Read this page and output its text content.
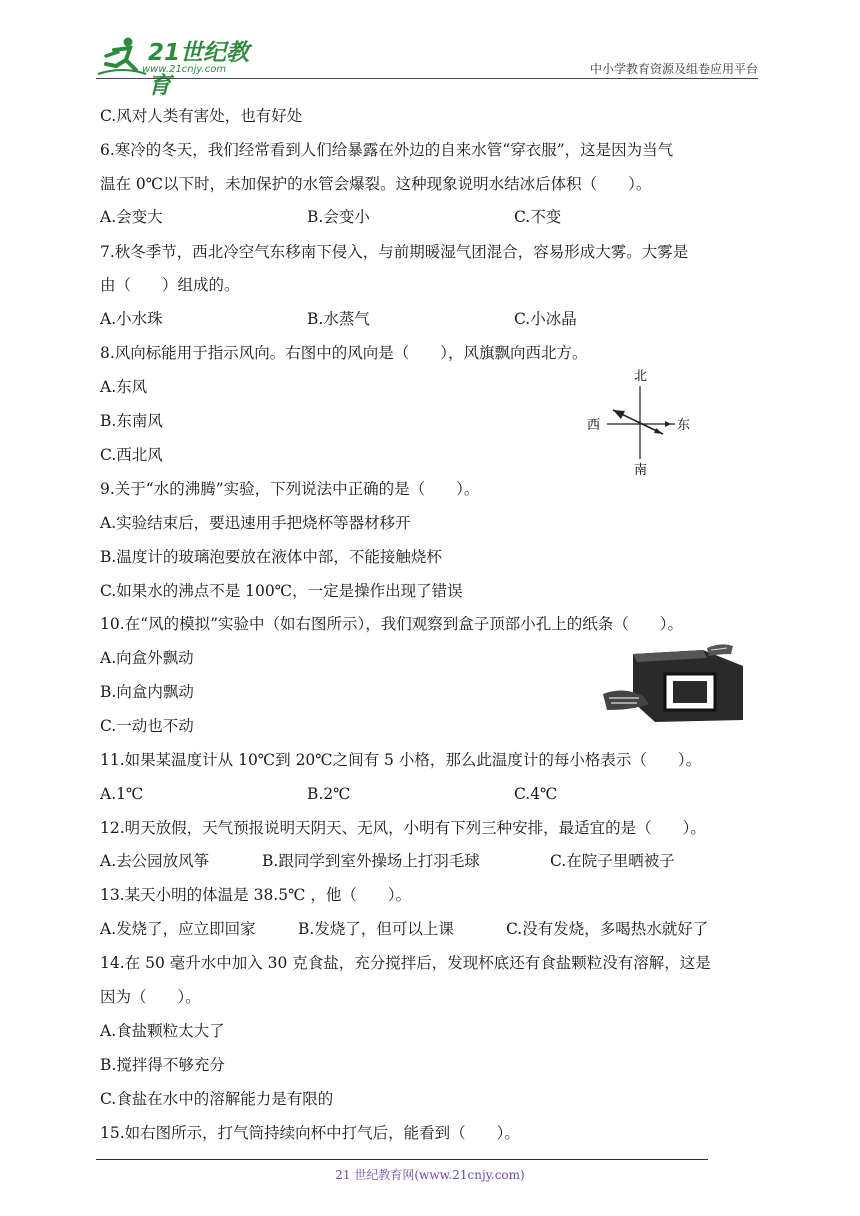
21世纪教育
www.21cnjy.com	中小学教育资源及组卷应用平台
C.风对人类有害处，也有好处
6.寒冷的冬天，我们经常看到人们给暴露在外边的自来水管“穿衣服”，这是因为当气
温在 0℃以下时，未加保护的水管会爆裂。这种现象说明水结冰后体积（　　）。
A.会变大	B.会变小	C.不变
7.秋冬季节，西北冷空气东移南下侵入，与前期暖湿气团混合，容易形成大雾。大雾是
由（　　）组成的。
A.小水珠	B.水蒸气	C.小冰晶
8.风向标能用于指示风向。右图中的风向是（　　），风旗飘向西北方。
A.东风
B.东南风
C.西北风
北
南
西	东
9.关于“水的沸腾”实验，下列说法中正确的是（　　）。
A.实验结束后，要迅速用手把烧杯等器材移开
B.温度计的玻璃泡要放在液体中部，不能接触烧杯
C.如果水的沸点不是 100℃，一定是操作出现了错误
10.在“风的模拟”实验中（如右图所示），我们观察到盒子顶部小孔上的纸条（　　）。
A.向盒外飘动
B.向盒内飘动
C.一动也不动
11.如果某温度计从 10℃到 20℃之间有 5 小格，那么此温度计的每小格表示（　　）。
A.1℃	B.2℃	C.4℃
12.明天放假，天气预报说明天阴天、无风，小明有下列三种安排，最适宜的是（　　）。
A.去公园放风筝	B.跟同学到室外操场上打羽毛球	C.在院子里晒被子
13.某天小明的体温是 38.5℃ ，他（　　）。
A.发烧了，应立即回家	B.发烧了，但可以上课	C.没有发烧，多喝热水就好了
14.在 50 毫升水中加入 30 克食盐，充分搅拌后，发现杯底还有食盐颗粒没有溶解，这是
因为（　　）。
A.食盐颗粒太大了
B.搅拌得不够充分
C.食盐在水中的溶解能力是有限的
15.如右图所示，打气筒持续向杯中打气后，能看到（　　）。
21 世纪教育网(www.21cnjy.com)
